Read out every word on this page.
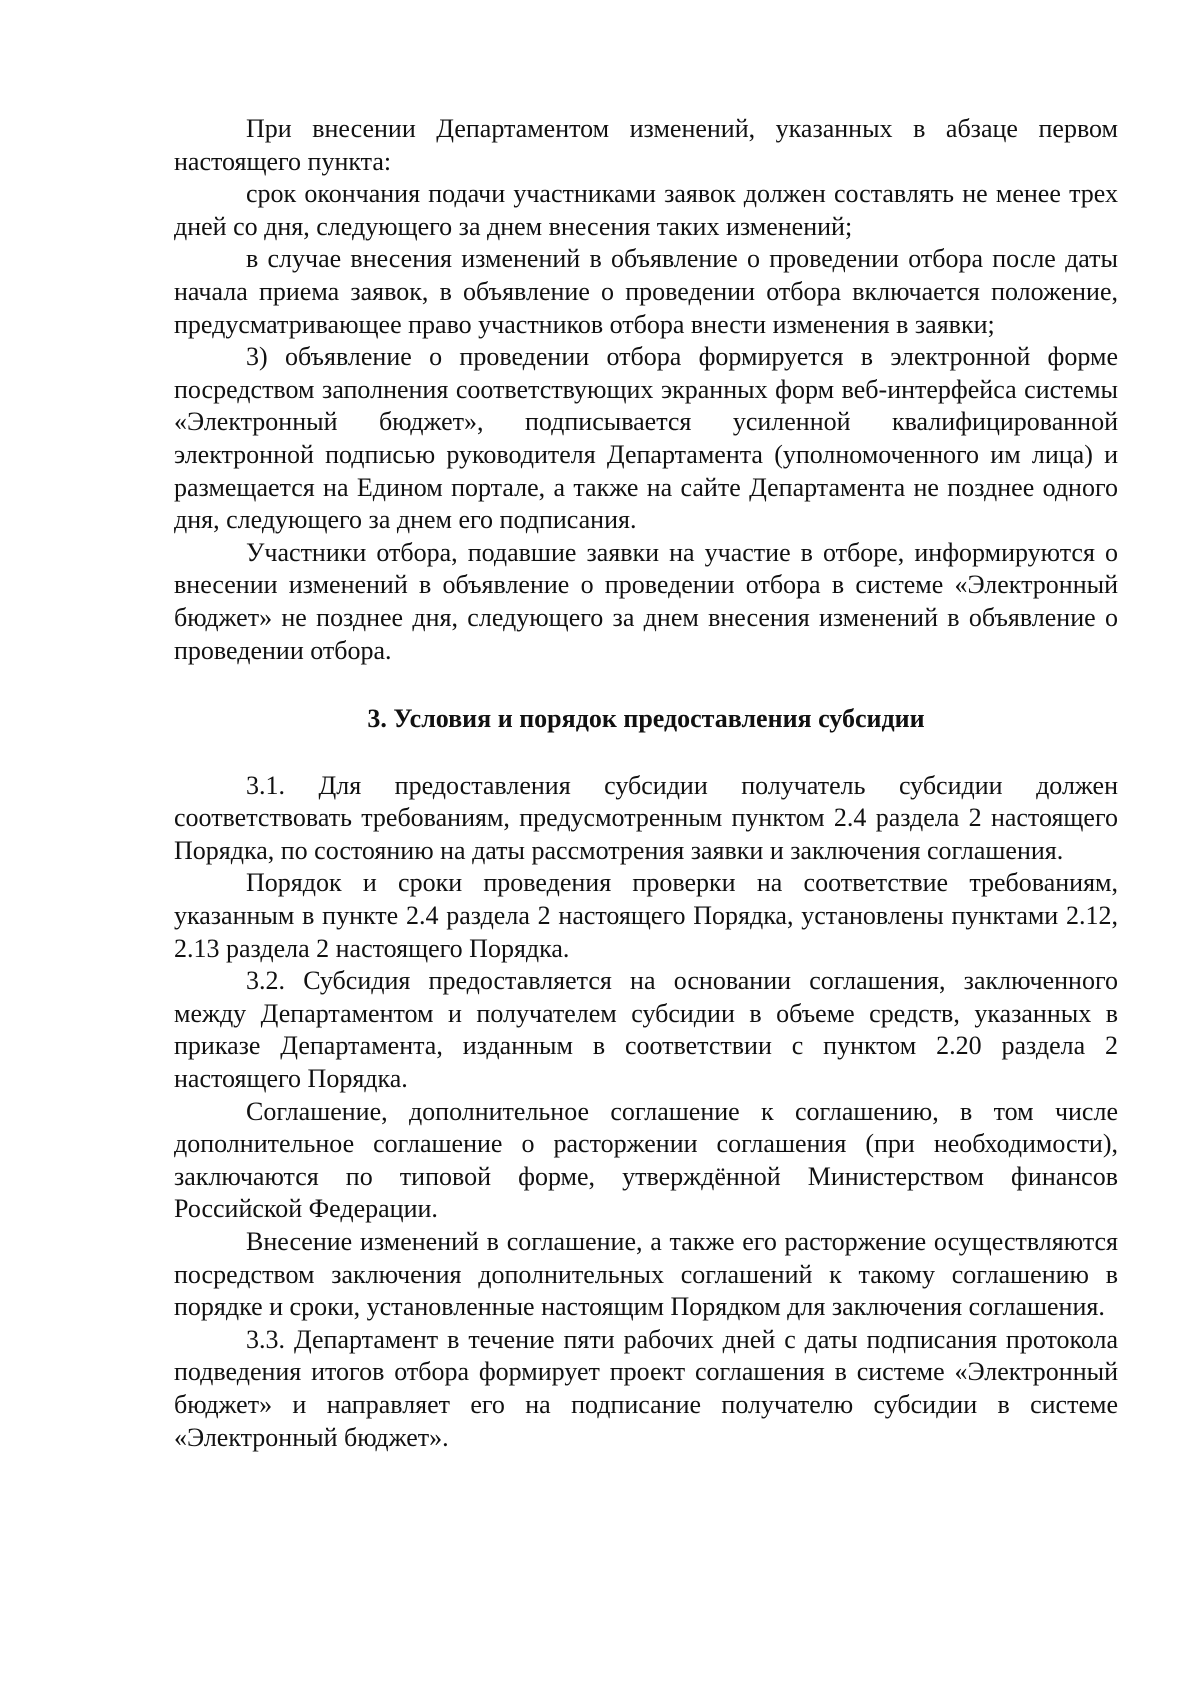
При внесении Департаментом изменений, указанных в абзаце первом настоящего пункта:

срок окончания подачи участниками заявок должен составлять не менее трех дней со дня, следующего за днем внесения таких изменений;

в случае внесения изменений в объявление о проведении отбора после даты начала приема заявок, в объявление о проведении отбора включается положение, предусматривающее право участников отбора внести изменения в заявки;

3) объявление о проведении отбора формируется в электронной форме посредством заполнения соответствующих экранных форм веб-интерфейса системы «Электронный бюджет», подписывается усиленной квалифицированной электронной подписью руководителя Департамента (уполномоченного им лица) и размещается на Едином портале, а также на сайте Департамента не позднее одного дня, следующего за днем его подписания.

Участники отбора, подавшие заявки на участие в отборе, информируются о внесении изменений в объявление о проведении отбора в системе «Электронный бюджет» не позднее дня, следующего за днем внесения изменений в объявление о проведении отбора.

3. Условия и порядок предоставления субсидии

3.1. Для предоставления субсидии получатель субсидии должен соответствовать требованиям, предусмотренным пунктом 2.4 раздела 2 настоящего Порядка, по состоянию на даты рассмотрения заявки и заключения соглашения.

Порядок и сроки проведения проверки на соответствие требованиям, указанным в пункте 2.4 раздела 2 настоящего Порядка, установлены пунктами 2.12, 2.13 раздела 2 настоящего Порядка.

3.2. Субсидия предоставляется на основании соглашения, заключенного между Департаментом и получателем субсидии в объеме средств, указанных в приказе Департамента, изданным в соответствии с пунктом 2.20 раздела 2 настоящего Порядка.

Соглашение, дополнительное соглашение к соглашению, в том числе дополнительное соглашение о расторжении соглашения (при необходимости), заключаются по типовой форме, утверждённой Министерством финансов Российской Федерации.

Внесение изменений в соглашение, а также его расторжение осуществляются посредством заключения дополнительных соглашений к такому соглашению в порядке и сроки, установленные настоящим Порядком для заключения соглашения.

3.3. Департамент в течение пяти рабочих дней с даты подписания протокола подведения итогов отбора формирует проект соглашения в системе «Электронный бюджет» и направляет его на подписание получателю субсидии в системе «Электронный бюджет».
